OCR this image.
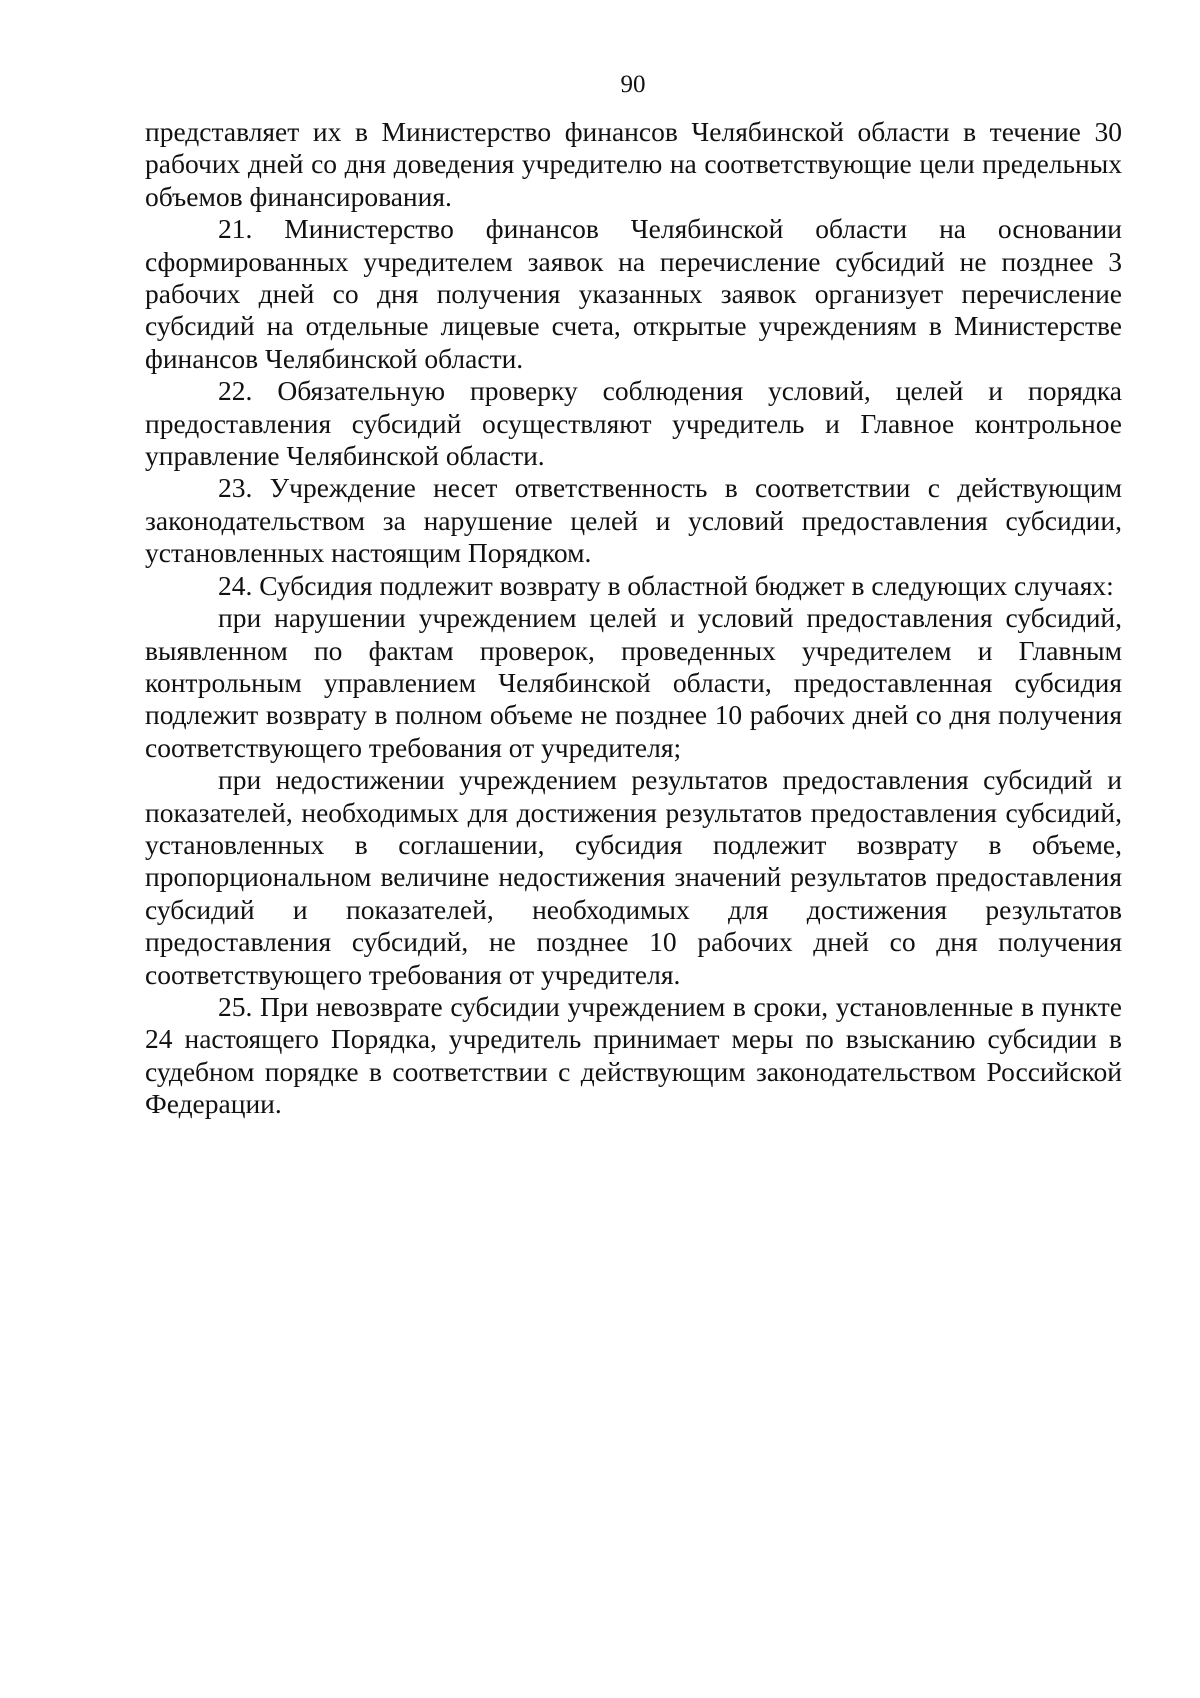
90

представляет их в Министерство финансов Челябинской области в течение 30 рабочих дней со дня доведения учредителю на соответствующие цели предельных объемов финансирования.

21. Министерство финансов Челябинской области на основании сформированных учредителем заявок на перечисление субсидий не позднее 3 рабочих дней со дня получения указанных заявок организует перечисление субсидий на отдельные лицевые счета, открытые учреждениям в Министерстве финансов Челябинской области.

22. Обязательную проверку соблюдения условий, целей и порядка предоставления субсидий осуществляют учредитель и Главное контрольное управление Челябинской области.

23. Учреждение несет ответственность в соответствии с действующим законодательством за нарушение целей и условий предоставления субсидии, установленных настоящим Порядком.

24. Субсидия подлежит возврату в областной бюджет в следующих случаях:

при нарушении учреждением целей и условий предоставления субсидий, выявленном по фактам проверок, проведенных учредителем и Главным контрольным управлением Челябинской области, предоставленная субсидия подлежит возврату в полном объеме не позднее 10 рабочих дней со дня получения соответствующего требования от учредителя;

при недостижении учреждением результатов предоставления субсидий и показателей, необходимых для достижения результатов предоставления субсидий, установленных в соглашении, субсидия подлежит возврату в объеме, пропорциональном величине недостижения значений результатов предоставления субсидий и показателей, необходимых для достижения результатов предоставления субсидий, не позднее 10 рабочих дней со дня получения соответствующего требования от учредителя.

25. При невозврате субсидии учреждением в сроки, установленные в пункте 24 настоящего Порядка, учредитель принимает меры по взысканию субсидии в судебном порядке в соответствии с действующим законодательством Российской Федерации.
